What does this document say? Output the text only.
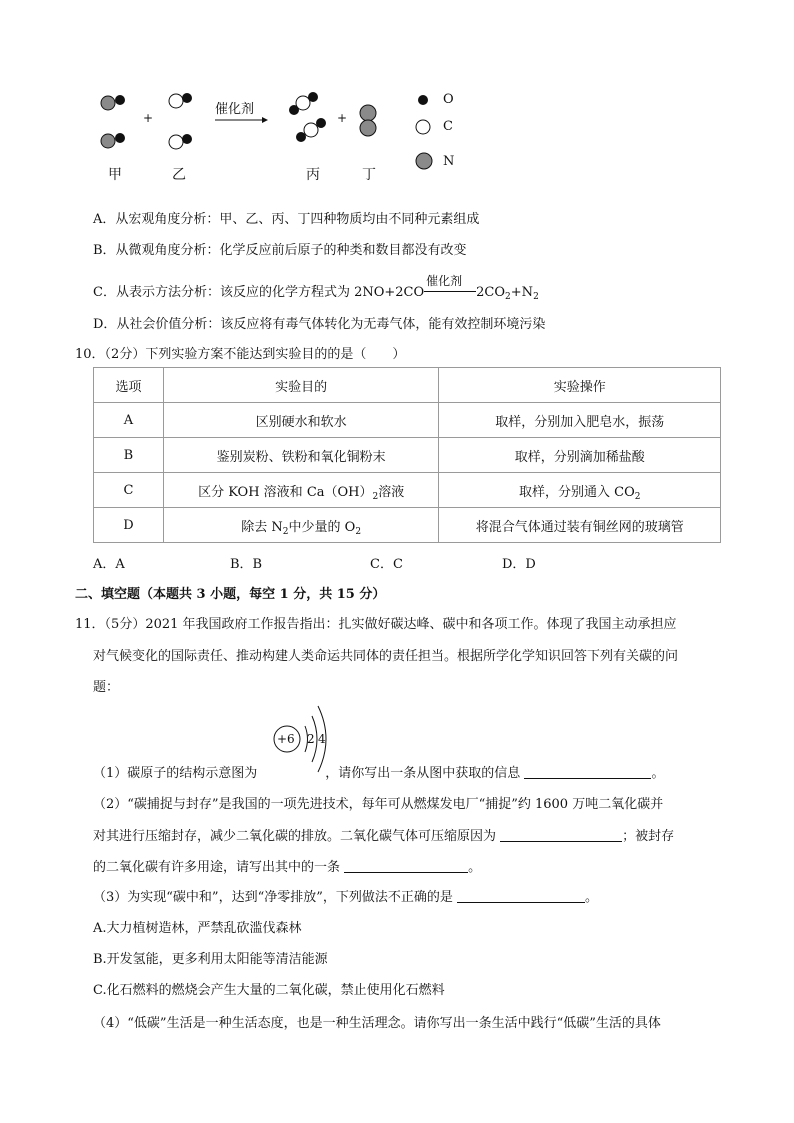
催化剂
+	+
甲	乙	丙	丁
O
C
N
A．从宏观角度分析：甲、乙、丙、丁四种物质均由不同种元素组成
B．从微观角度分析：化学反应前后原子的种类和数目都没有改变
C．从表示方法分析：该反应的化学方程式为 2NO+2CO
催化剂
$2CO_2+N_2$
D．从社会价值分析：该反应将有毒气体转化为无毒气体，能有效控制环境污染
10．（2分）下列实验方案不能达到实验目的的是（　　）
选项	实验目的	实验操作
A	区别硬水和软水	取样，分别加入肥皂水，振荡
B	鉴别炭粉、铁粉和氧化铜粉末	取样，分别滴加稀盐酸
C	区分 KOH 溶液和 $Ca(OH)_2$溶液	取样，分别通入 $CO_2$
D	除去 $N_2$中少量的 $O_2$	将混合气体通过装有铜丝网的玻璃管
A．A	B．B	C．C	D．D
二、填空题（本题共 3 小题，每空 1 分，共 15 分）
11．（5分）2021 年我国政府工作报告指出：扎实做好碳达峰、碳中和各项工作。体现了我国主动承担应
对气候变化的国际责任、推动构建人类命运共同体的责任担当。根据所学化学知识回答下列有关碳的问
题：
+6 2 4
（1）碳原子的结构示意图为	，请你写出一条从图中获取的信息	。
（2）“碳捕捉与封存”是我国的一项先进技术，每年可从燃煤发电厂“捕捉”约 1600 万吨二氧化碳并
对其进行压缩封存，减少二氧化碳的排放。二氧化碳气体可压缩原因为	；被封存
的二氧化碳有许多用途，请写出其中的一条	。
（3）为实现“碳中和”，达到“净零排放”，下列做法不正确的是	。
A.大力植树造林，严禁乱砍滥伐森林
B.开发氢能，更多利用太阳能等清洁能源
C.化石燃料的燃烧会产生大量的二氧化碳，禁止使用化石燃料
（4）“低碳”生活是一种生活态度，也是一种生活理念。请你写出一条生活中践行“低碳”生活的具体
